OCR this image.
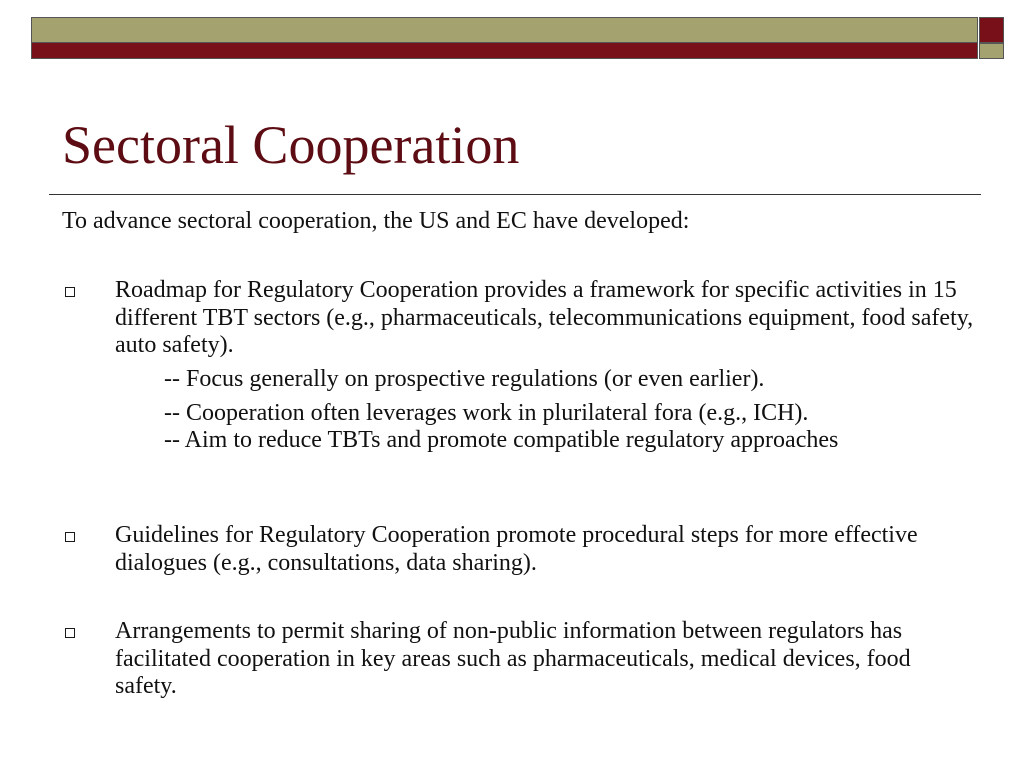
Sectoral Cooperation
To advance sectoral cooperation, the US and EC have developed:
Roadmap for Regulatory Cooperation provides a framework for specific activities in 15 different TBT sectors (e.g., pharmaceuticals, telecommunications equipment, food safety, auto safety).
-- Focus generally on prospective regulations (or even earlier).
-- Cooperation often leverages work in plurilateral fora (e.g., ICH).
-- Aim to reduce TBTs and promote compatible regulatory approaches
Guidelines for Regulatory Cooperation promote procedural steps for more effective dialogues (e.g., consultations, data sharing).
Arrangements to permit sharing of non-public information between regulators has facilitated cooperation in key areas such as pharmaceuticals, medical devices, food safety.
